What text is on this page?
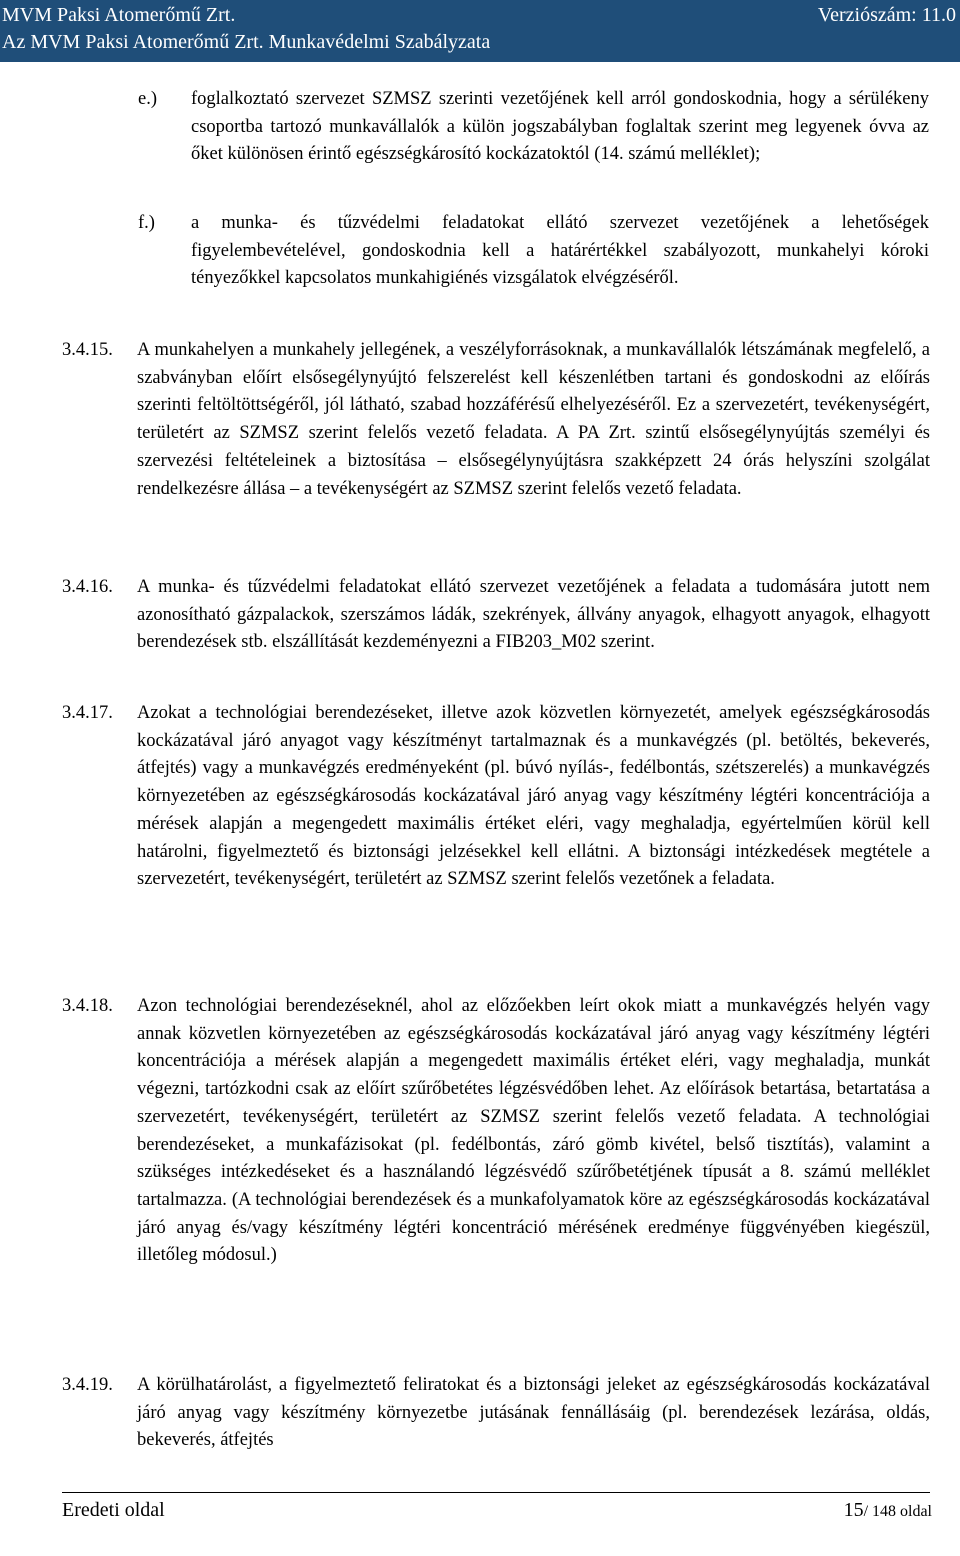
MVM Paksi Atomerőmű Zrt.	Verziószám: 11.0
Az MVM Paksi Atomerőmű Zrt. Munkavédelmi Szabályzata
e.)	foglalkoztató szervezet SZMSZ szerinti vezetőjének kell arról gondoskodnia, hogy a sérülékeny csoportba tartozó munkavállalók a külön jogszabályban foglaltak szerint meg legyenek óvva az őket különösen érintő egészségkárosító kockázatoktól (14. számú melléklet);
f.)	a munka- és tűzvédelmi feladatokat ellátó szervezet vezetőjének a lehetőségek figyelembevételével, gondoskodnia kell a határértékkel szabályozott, munkahelyi kóroki tényezőkkel kapcsolatos munkahigiénés vizsgálatok elvégzéséről.
3.4.15.	A munkahelyen a munkahely jellegének, a veszélyforrásoknak, a munkavállalók létszámának megfelelő, a szabványban előírt elsősegélynyújtó felszerelést kell készenlétben tartani és gondoskodni az előírás szerinti feltöltöttségéről, jól látható, szabad hozzáférésű elhelyezéséről. Ez a szervezetért, tevékenységért, területért az SZMSZ szerint felelős vezető feladata. A PA Zrt. szintű elsősegélynyújtás személyi és szervezési feltételeinek a biztosítása – elsősegélynyújtásra szakképzett 24 órás helyszíni szolgálat rendelkezésre állása – a tevékenységért az SZMSZ szerint felelős vezető feladata.
3.4.16.	A munka- és tűzvédelmi feladatokat ellátó szervezet vezetőjének a feladata a tudomására jutott nem azonosítható gázpalackok, szerszámos ládák, szekrények, állvány anyagok, elhagyott anyagok, elhagyott berendezések stb. elszállítását kezdeményezni a FIB203_M02 szerint.
3.4.17.	Azokat a technológiai berendezéseket, illetve azok közvetlen környezetét, amelyek egészségkárosodás kockázatával járó anyagot vagy készítményt tartalmaznak és a munkavégzés (pl. betöltés, bekeverés, átfejtés) vagy a munkavégzés eredményeként (pl. búvó nyílás-, fedélbontás, szétszerelés) a munkavégzés környezetében az egészségkárosodás kockázatával járó anyag vagy készítmény légtéri koncentrációja a mérések alapján a megengedett maximális értéket eléri, vagy meghaladja, egyértelműen körül kell határolni, figyelmeztető és biztonsági jelzésekkel kell ellátni. A biztonsági intézkedések megtétele a szervezetért, tevékenységért, területért az SZMSZ szerint felelős vezetőnek a feladata.
3.4.18.	Azon technológiai berendezéseknél, ahol az előzőekben leírt okok miatt a munkavégzés helyén vagy annak közvetlen környezetében az egészségkárosodás kockázatával járó anyag vagy készítmény légtéri koncentrációja a mérések alapján a megengedett maximális értéket eléri, vagy meghaladja, munkát végezni, tartózkodni csak az előírt szűrőbetétes légzésvédőben lehet. Az előírások betartása, betartatása a szervezetért, tevékenységért, területért az SZMSZ szerint felelős vezető feladata. A technológiai berendezéseket, a munkafázisokat (pl. fedélbontás, záró gömb kivétel, belső tisztítás), valamint a szükséges intézkedéseket és a használandó légzésvédő szűrőbetétjének típusát a 8. számú melléklet tartalmazza. (A technológiai berendezések és a munkafolyamatok köre az egészségkárosodás kockázatával járó anyag és/vagy készítmény légtéri koncentráció mérésének eredménye függvényében kiegészül, illetőleg módosul.)
3.4.19.	A körülhatárolást, a figyelmeztető feliratokat és a biztonsági jeleket az egészségkárosodás kockázatával járó anyag vagy készítmény környezetbe jutásának fennállásáig (pl. berendezések lezárása, oldás, bekeverés, átfejtés
Eredeti oldal	15/ 148 oldal
